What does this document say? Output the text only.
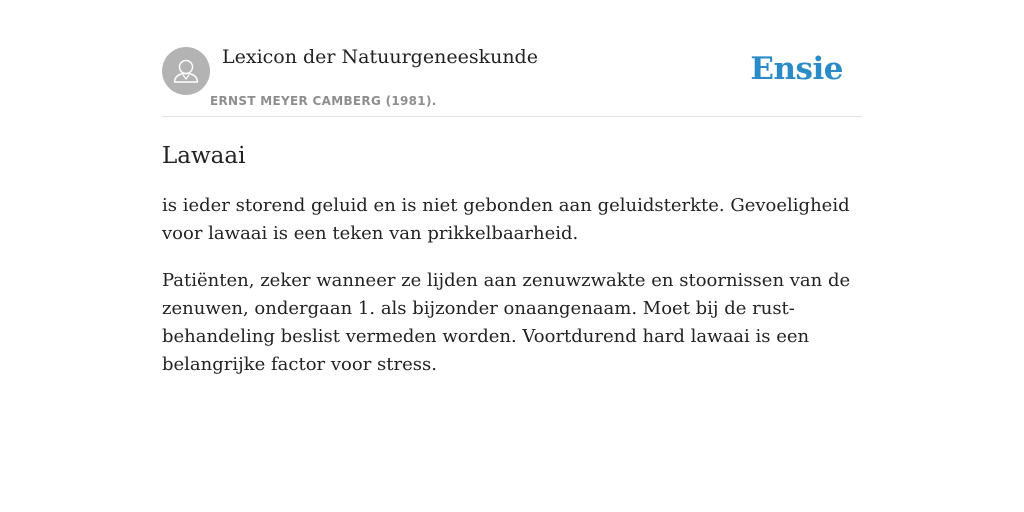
Lexicon der Natuurgeneeskunde
ERNST MEYER CAMBERG (1981).
Ensie
Lawaai

is ieder storend geluid en is niet gebonden aan geluidsterkte. Gevoeligheid voor lawaai is een teken van prikkelbaarheid.

Patiënten, zeker wanneer ze lijden aan zenuwzwakte en stoornissen van de zenuwen, ondergaan 1. als bijzonder onaangenaam. Moet bij de rust-behandeling beslist vermeden worden. Voortdurend hard lawaai is een belangrijke factor voor stress.
